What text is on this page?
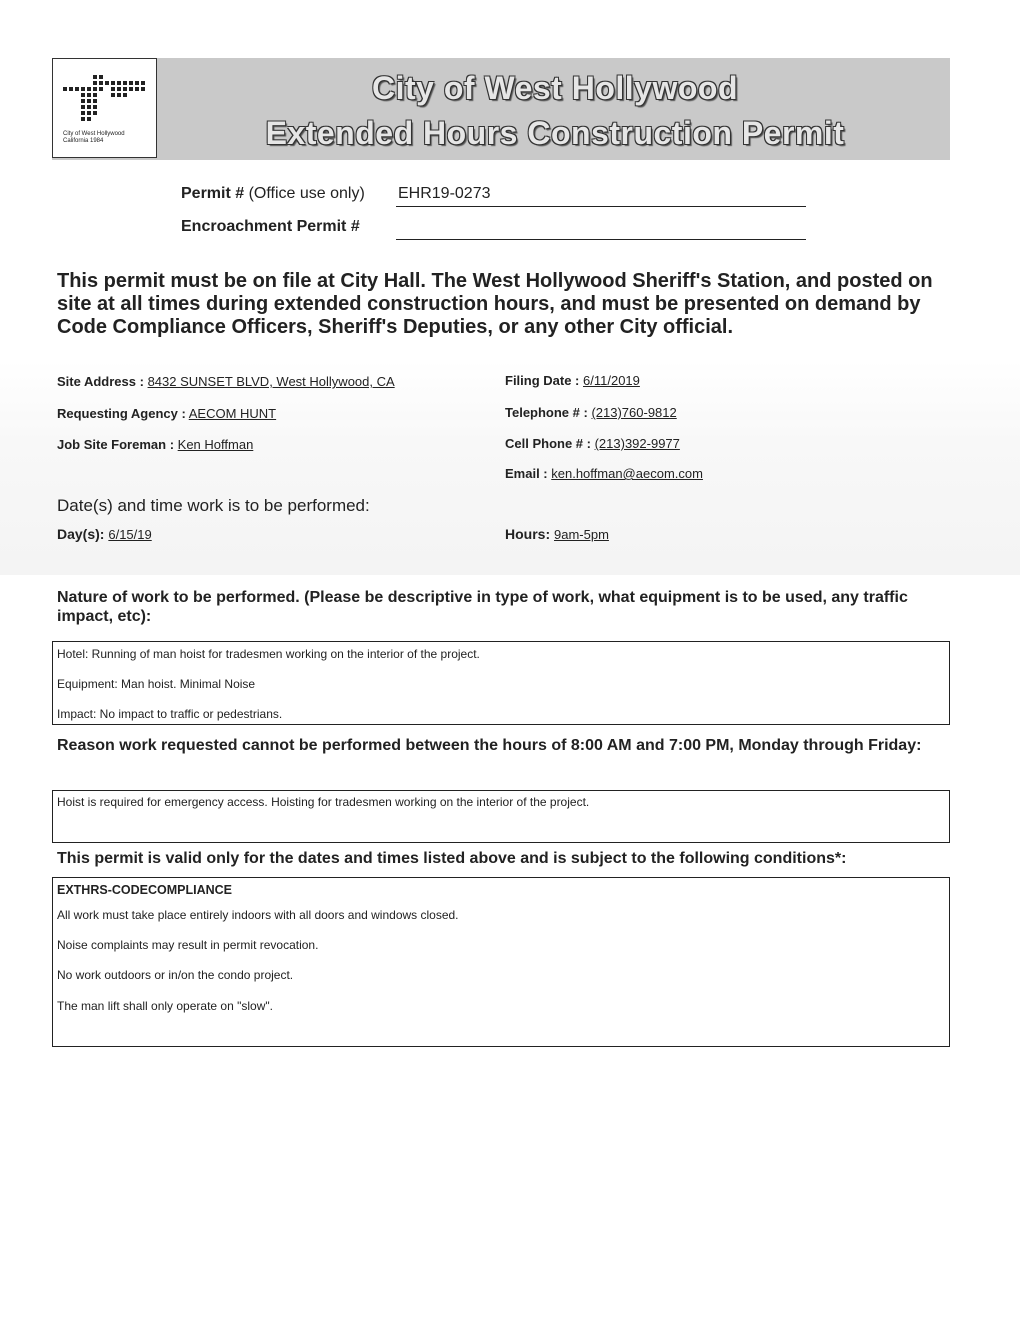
City of West Hollywood
California 1984
City of West Hollywood
Extended Hours Construction Permit
Permit # (Office use only) EHR19-0273
Encroachment Permit #
This permit must be on file at City Hall. The West Hollywood Sheriff's Station, and posted on site at all times during extended construction hours, and must be presented on demand by Code Compliance Officers, Sheriff's Deputies, or any other City official.
Site Address : 8432 SUNSET BLVD, West Hollywood, CA
Requesting Agency : AECOM HUNT
Job Site Foreman : Ken Hoffman
Filing Date : 6/11/2019
Telephone # : (213)760-9812
Cell Phone # : (213)392-9977
Email : ken.hoffman@aecom.com
Date(s) and time work is to be performed:
Day(s): 6/15/19	Hours: 9am-5pm
Nature of work to be performed. (Please be descriptive in type of work, what equipment is to be used, any traffic impact, etc):
Hotel: Running of man hoist for tradesmen working on the interior of the project.
Equipment: Man hoist. Minimal Noise
Impact: No impact to traffic or pedestrians.
Reason work requested cannot be performed between the hours of 8:00 AM and 7:00 PM, Monday through Friday:
Hoist is required for emergency access. Hoisting for tradesmen working on the interior of the project.
This permit is valid only for the dates and times listed above and is subject to the following conditions*:
EXTHRS-CODECOMPLIANCE
All work must take place entirely indoors with all doors and windows closed.
Noise complaints may result in permit revocation.
No work outdoors or in/on the condo project.
The man lift shall only operate on "slow".
